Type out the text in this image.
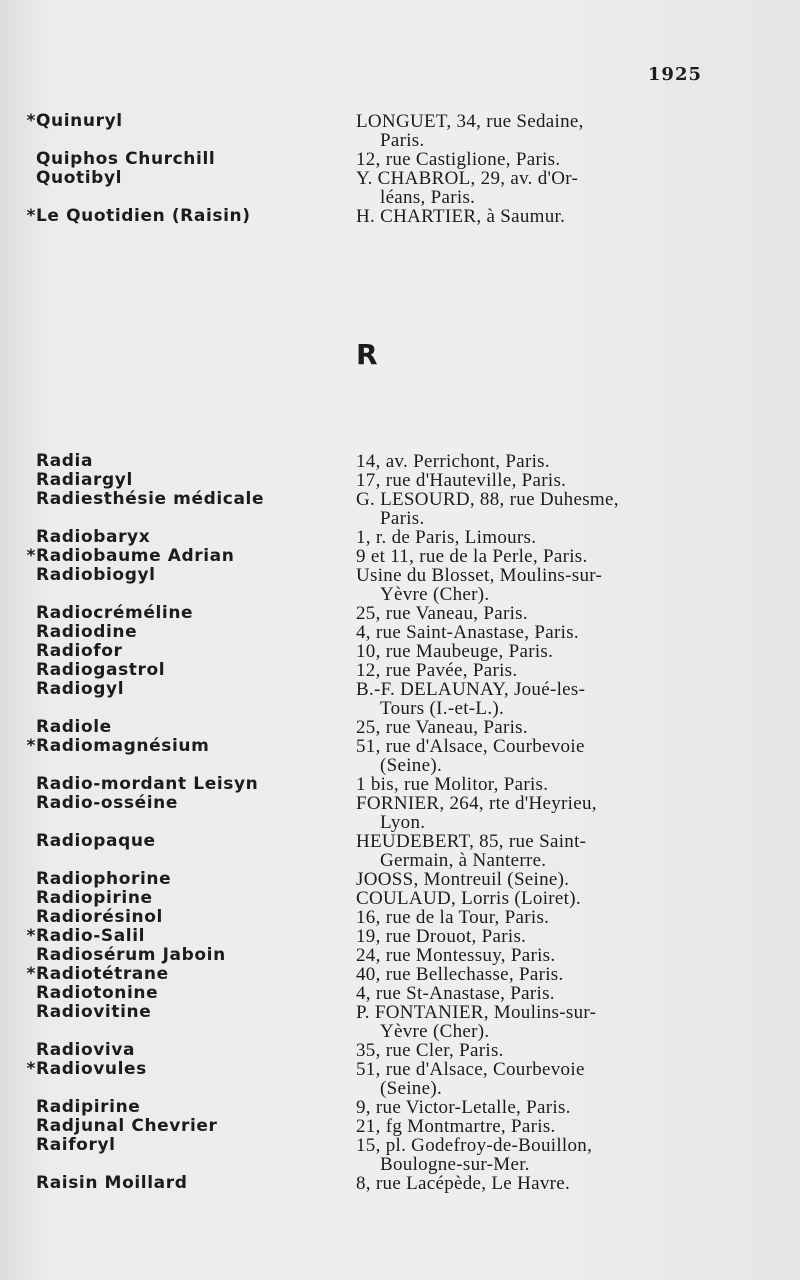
1925
*Quinuryl	LONGUET, 34, rue Sedaine,
Paris.
Quiphos Churchill	12, rue Castiglione, Paris.
Quotibyl	Y. CHABROL, 29, av. d'Or-
léans, Paris.
*Le Quotidien (Raisin)	H. CHARTIER, à Saumur.
R
Radia	14, av. Perrichont, Paris.
Radiargyl	17, rue d'Hauteville, Paris.
Radiesthésie médicale	G. LESOURD, 88, rue Duhesme,
Paris.
Radiobaryx	1, r. de Paris, Limours.
*Radiobaume Adrian	9 et 11, rue de la Perle, Paris.
Radiobiogyl	Usine du Blosset, Moulins-sur-
Yèvre (Cher).
Radiocréméline	25, rue Vaneau, Paris.
Radiodine	4, rue Saint-Anastase, Paris.
Radiofor	10, rue Maubeuge, Paris.
Radiogastrol	12, rue Pavée, Paris.
Radiogyl	B.-F. DELAUNAY, Joué-les-
Tours (I.-et-L.).
Radiole	25, rue Vaneau, Paris.
*Radiomagnésium	51, rue d'Alsace, Courbevoie
(Seine).
Radio-mordant Leisyn	1 bis, rue Molitor, Paris.
Radio-osséine	FORNIER, 264, rte d'Heyrieu,
Lyon.
Radiopaque	HEUDEBERT, 85, rue Saint-
Germain, à Nanterre.
Radiophorine	JOOSS, Montreuil (Seine).
Radiopirine	COULAUD, Lorris (Loiret).
Radiorésinol	16, rue de la Tour, Paris.
*Radio-Salil	19, rue Drouot, Paris.
Radiosérum Jaboin	24, rue Montessuy, Paris.
*Radiotétrane	40, rue Bellechasse, Paris.
Radiotonine	4, rue St-Anastase, Paris.
Radiovitine	P. FONTANIER, Moulins-sur-
Yèvre (Cher).
Radioviva	35, rue Cler, Paris.
*Radiovules	51, rue d'Alsace, Courbevoie
(Seine).
Radipirine	9, rue Victor-Letalle, Paris.
Radjunal Chevrier	21, fg Montmartre, Paris.
Raiforyl	15, pl. Godefroy-de-Bouillon,
Boulogne-sur-Mer.
Raisin Moillard	8, rue Lacépède, Le Havre.
